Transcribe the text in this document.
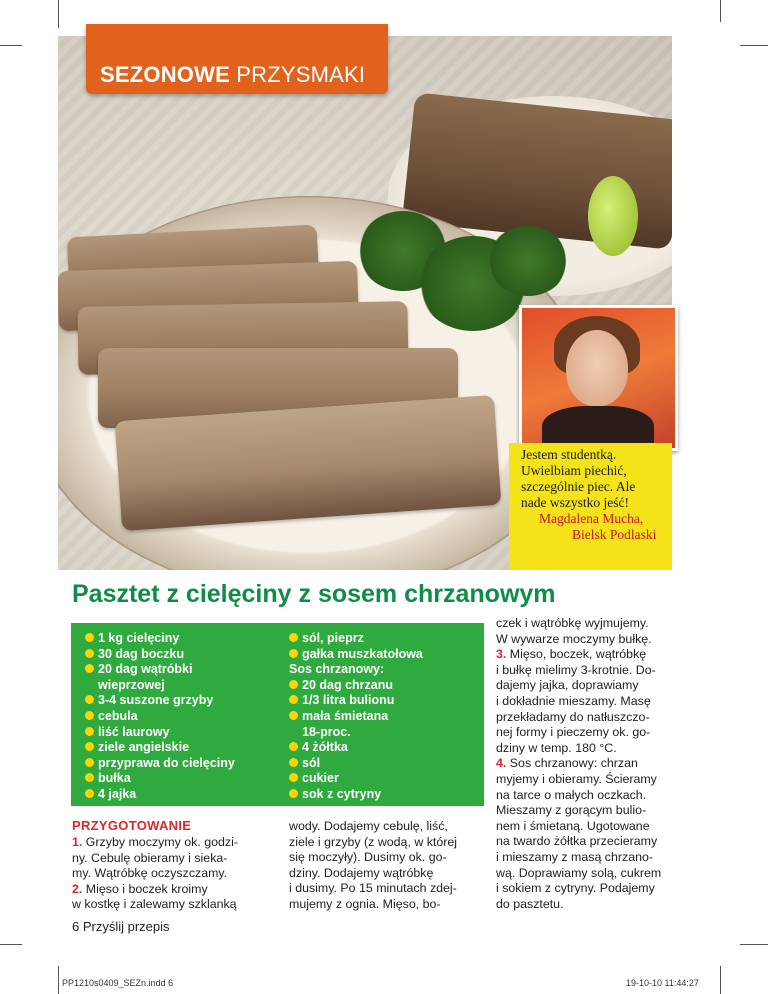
SEZONOWE PRZYSMAKI
Jestem studentką.
Uwielbiam piechić,
szczególnie piec. Ale
nade wszystko jeść!
Magdalena Mucha,
Bielsk Podlaski
Pasztet z cielęciny z sosem chrzanowym
1 kg cielęciny
30 dag boczku
20 dag wątróbki
wieprzowej
3-4 suszone grzyby
cebula
liść laurowy
ziele angielskie
przyprawa do cielęciny
bułka
4 jajka
sól, pieprz
gałka muszkatołowa
Sos chrzanowy:
20 dag chrzanu
1/3 litra bulionu
mała śmietana
18-proc.
4 żółtka
sól
cukier
sok z cytryny
PRZYGOTOWANIE
1. Grzyby moczymy ok. godzi-
ny. Cebulę obieramy i sieka-
my. Wątróbkę oczyszczamy.
2. Mięso i boczek kroimy
w kostkę i zalewamy szklanką
wody. Dodajemy cebulę, liść,
ziele i grzyby (z wodą, w której
się moczyły). Dusimy ok. go-
dziny. Dodajemy wątróbkę
i dusimy. Po 15 minutach zdej-
mujemy z ognia. Mięso, bo-
czek i wątróbkę wyjmujemy.
W wywarze moczymy bułkę.
3. Mięso, boczek, wątróbkę
i bułkę mielimy 3-krotnie. Do-
dajemy jajka, doprawiamy
i dokładnie mieszamy. Masę
przekładamy do natłuszczo-
nej formy i pieczemy ok. go-
dziny w temp. 180 °C.
4. Sos chrzanowy: chrzan
myjemy i obieramy. Ścieramy
na tarce o małych oczkach.
Mieszamy z gorącym bulio-
nem i śmietaną. Ugotowane
na twardo żółtka przecieramy
i mieszamy z masą chrzano-
wą. Doprawiamy solą, cukrem
i sokiem z cytryny. Podajemy
do pasztetu.
6 Przyślij przepis
PP1210s0409_SEZn.indd 6	19-10-10 11:44:27
